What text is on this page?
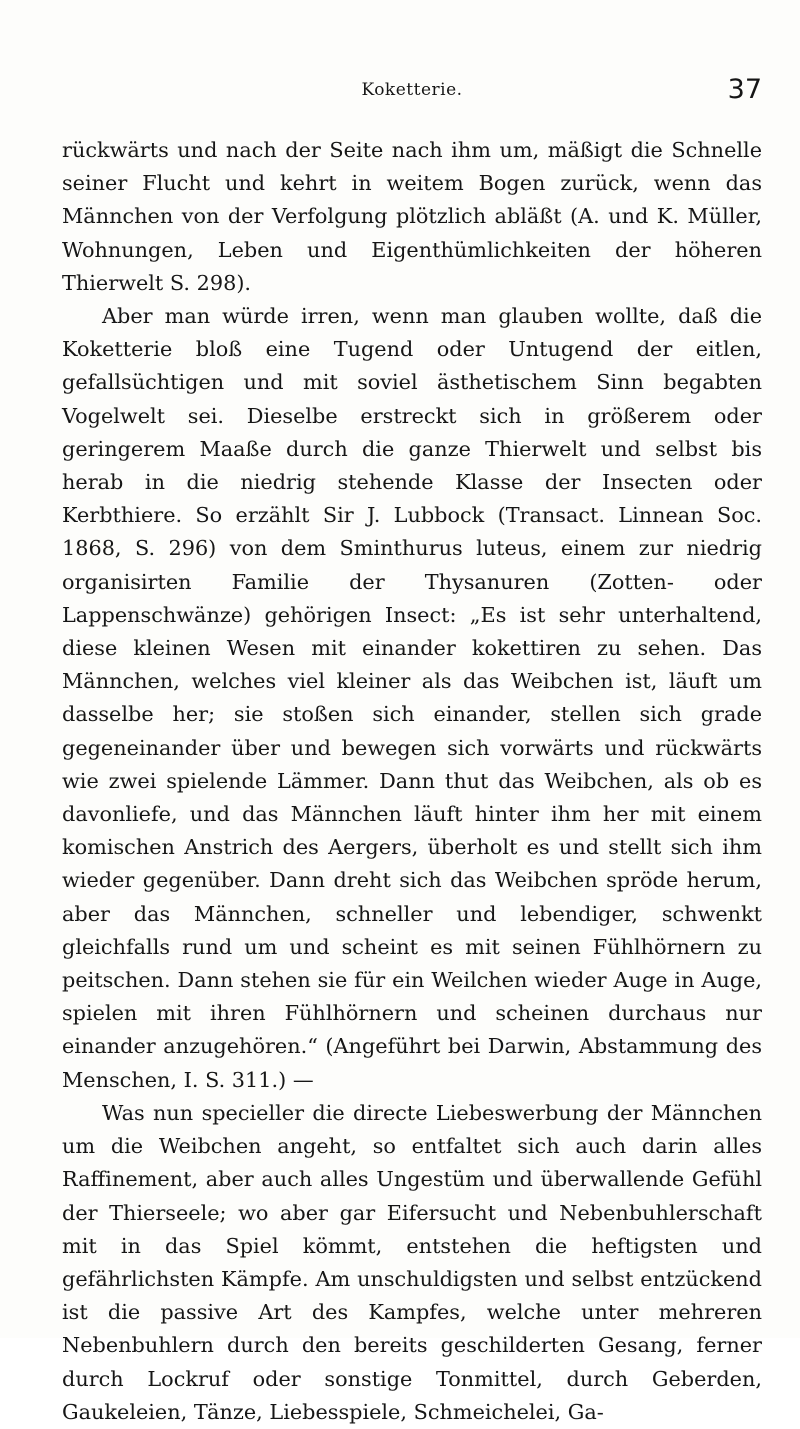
Koketterie.	37

rückwärts und nach der Seite nach ihm um, mäßigt die Schnelle seiner Flucht und kehrt in weitem Bogen zurück, wenn das Männchen von der Verfolgung plötzlich abläßt (A. und K. Müller, Wohnungen, Leben und Eigenthümlichkeiten der höheren Thierwelt S. 298).

Aber man würde irren, wenn man glauben wollte, daß die Koketterie bloß eine Tugend oder Untugend der eitlen, gefallsüchtigen und mit soviel ästhetischem Sinn begabten Vogelwelt sei. Dieselbe erstreckt sich in größerem oder geringerem Maaße durch die ganze Thierwelt und selbst bis herab in die niedrig stehende Klasse der Insecten oder Kerbthiere. So erzählt Sir J. Lubbock (Transact. Linnean Soc. 1868, S. 296) von dem Sminthurus luteus, einem zur niedrig organisirten Familie der Thysanuren (Zotten- oder Lappenschwänze) gehörigen Insect: „Es ist sehr unterhaltend, diese kleinen Wesen mit einander kokettiren zu sehen. Das Männchen, welches viel kleiner als das Weibchen ist, läuft um dasselbe her; sie stoßen sich einander, stellen sich grade gegeneinander über und bewegen sich vorwärts und rückwärts wie zwei spielende Lämmer. Dann thut das Weibchen, als ob es davonliefe, und das Männchen läuft hinter ihm her mit einem komischen Anstrich des Aergers, überholt es und stellt sich ihm wieder gegenüber. Dann dreht sich das Weibchen spröde herum, aber das Männchen, schneller und lebendiger, schwenkt gleichfalls rund um und scheint es mit seinen Fühlhörnern zu peitschen. Dann stehen sie für ein Weilchen wieder Auge in Auge, spielen mit ihren Fühlhörnern und scheinen durchaus nur einander anzugehören.“ (Angeführt bei Darwin, Abstammung des Menschen, I. S. 311.) —

Was nun specieller die directe Liebeswerbung der Männchen um die Weibchen angeht, so entfaltet sich auch darin alles Raffinement, aber auch alles Ungestüm und überwallende Gefühl der Thierseele; wo aber gar Eifersucht und Nebenbuhlerschaft mit in das Spiel kömmt, entstehen die heftigsten und gefährlichsten Kämpfe. Am unschuldigsten und selbst entzückend ist die passive Art des Kampfes, welche unter mehreren Nebenbuhlern durch den bereits geschilderten Gesang, ferner durch Lockruf oder sonstige Tonmittel, durch Geberden, Gaukeleien, Tänze, Liebesspiele, Schmeichelei, Ga-
